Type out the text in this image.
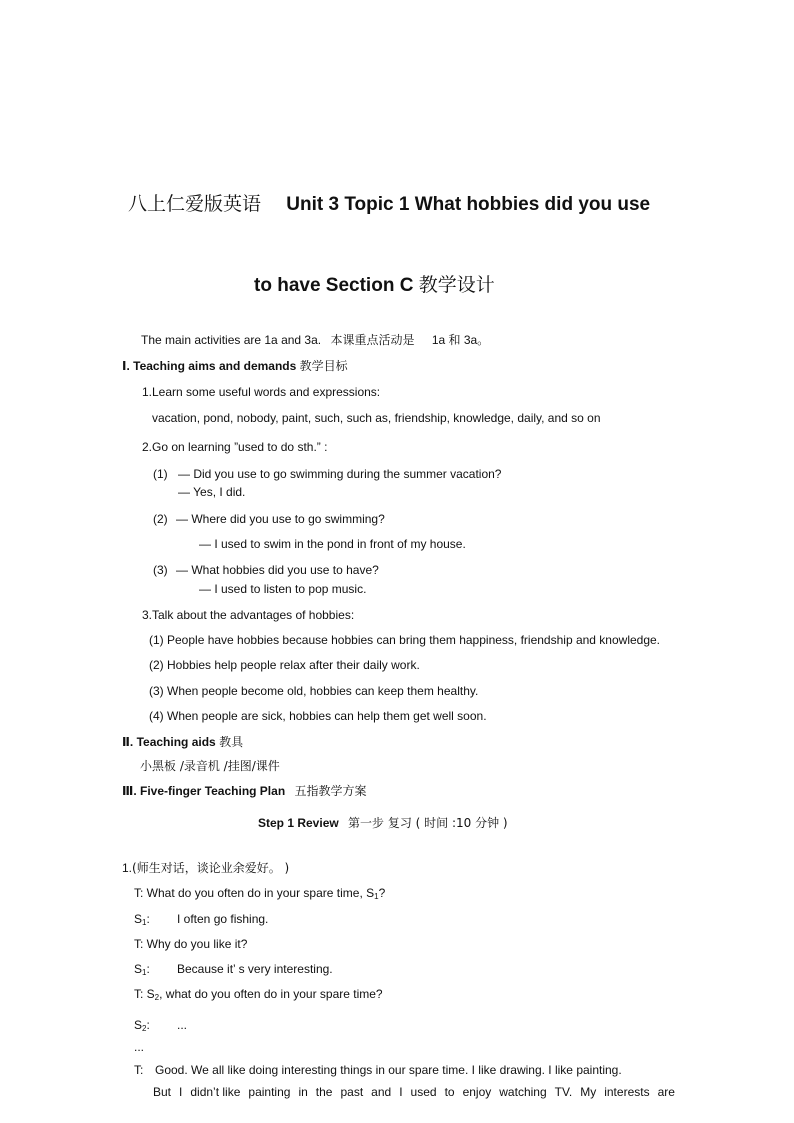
八上仁爱版英语 Unit 3 Topic 1 What hobbies did you use
to have Section C 教学设计
The main activities are 1a and 3a. 本课重点活动是 1a 和 3a。
Ⅰ. Teaching aims and demands 教学目标
1.Learn some useful words and expressions:
vacation, pond, nobody, paint, such, such as, friendship, knowledge, daily, and so on
2.Go on learning ”used to do sth.” :
(1) — Did you use to go swimming during the summer vacation?
— Yes, I did.
(2) — Where did you use to go swimming?
— I used to swim in the pond in front of my house.
(3) — What hobbies did you use to have?
— I used to listen to pop music.
3.Talk about the advantages of hobbies:
(1) People have hobbies because hobbies can bring them happiness, friendship and knowledge.
(2) Hobbies help people relax after their daily work.
(3) When people become old, hobbies can keep them healthy.
(4) When people are sick, hobbies can help them get well soon.
Ⅱ. Teaching aids 教具
小黑板 /录音机 /挂图/课件
Ⅲ. Five-finger Teaching Plan 五指教学方案
Step 1 Review 第一步 复习 ( 时间 :10 分钟 )
1.(师生对话，谈论业余爱好。 )
T: What do you often do in your spare time, $S_1$?
$S_1$: I often go fishing.
T: Why do you like it?
$S_1$: Because it’ s very interesting.
T: $S_2$, what do you often do in your spare time?
$S_2$: ...
...
T: Good. We all like doing interesting things in our spare time. I like drawing. I like painting.
But I didn’t like painting in the past and I used to enjoy watching TV. My interests are
